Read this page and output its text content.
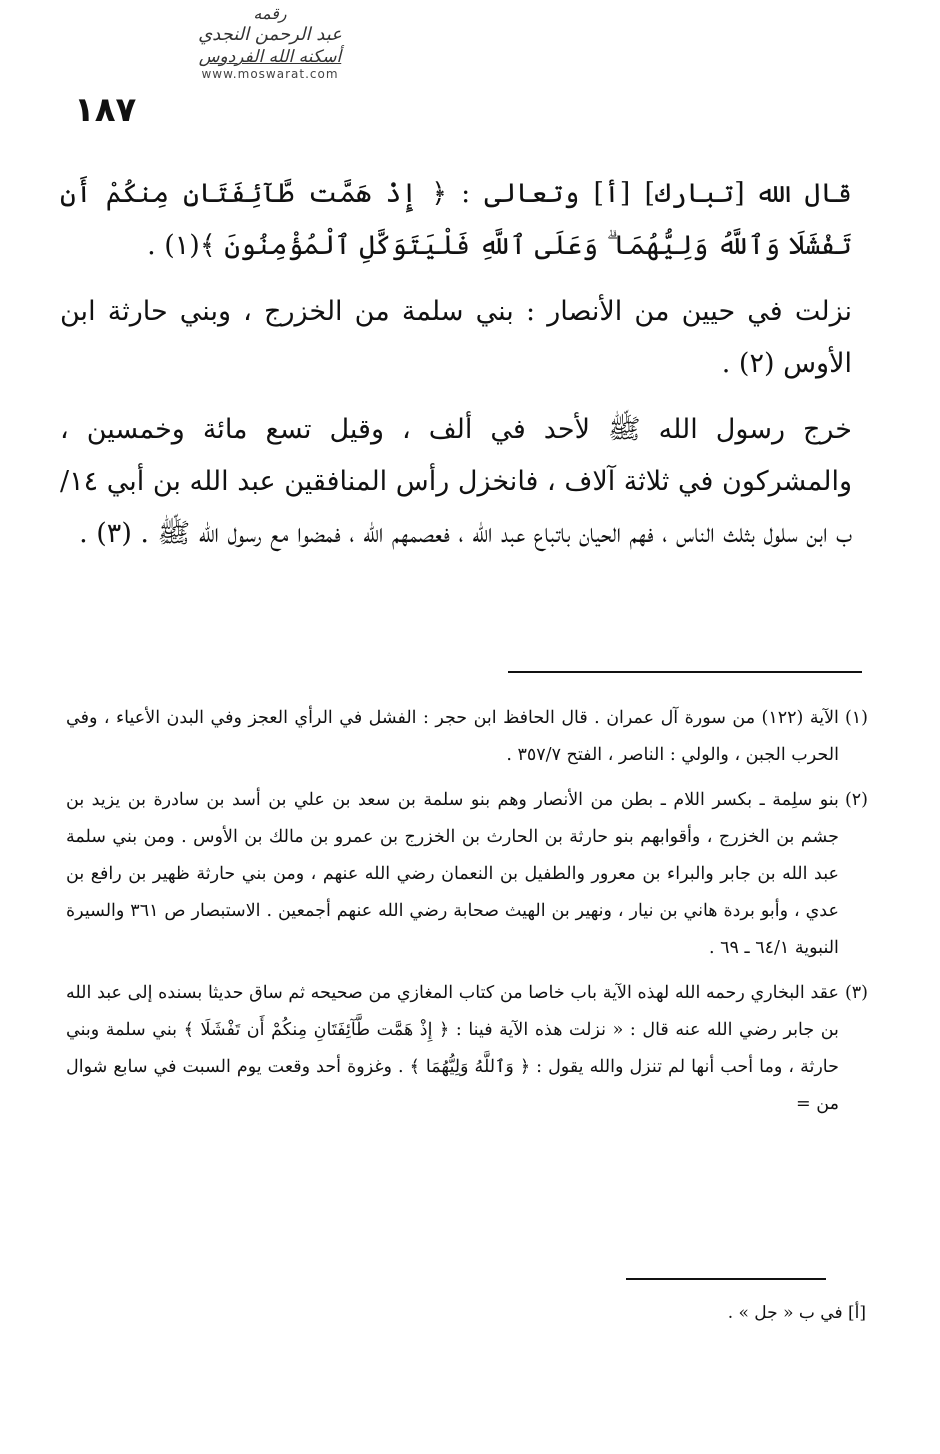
رقمه
عبد الرحمن النجدي
أسكنه الله الفردوس
www.moswarat.com
١٨٧

قال الله [تبارك] [أ] وتعالى : ﴿ إِذْ هَمَّت طَّآئِفَتَانِ مِنكُمْ أَن تَفْشَلَا وَٱللَّهُ وَلِيُّهُمَا ۗ وَعَلَى ٱللَّهِ فَلْيَتَوَكَّلِ ٱلْمُؤْمِنُونَ ﴾(١) .

نزلت في حيين من الأنصار : بني سلمة من الخزرج ، وبني حارثة ابن الأوس (٢) .

خرج رسول الله ﷺ لأحد في ألف ، وقيل تسع مائة وخمسين ، والمشركون في ثلاثة آلاف ، فانخزل رأس المنافقين عبد الله بن أبي ١٤/ب ابن سلول بثلث الناس ، فهم الحيان باتباع عبد الله ، فعصمهم الله ، فمضوا مع رسول الله ﷺ . (٣) .

(١)
الآية (١٢٢) من سورة آل عمران . قال الحافظ ابن حجر : الفشل في الرأي العجز وفي البدن الأعياء ، وفي الحرب الجبن ، والولي : الناصر ، الفتح ٣٥٧/٧ .
(٢)
بنو سلِمة ـ بكسر اللام ـ بطن من الأنصار وهم بنو سلمة بن سعد بن علي بن أسد بن سادرة بن يزيد بن جشم بن الخزرج ، وأقوابهم بنو حارثة بن الحارث بن الخزرج بن عمرو بن مالك بن الأوس . ومن بني سلمة عبد الله بن جابر والبراء بن معرور والطفيل بن النعمان رضي الله عنهم ، ومن بني حارثة ظهير بن رافع بن عدي ، وأبو بردة هاني بن نيار ، ونهير بن الهيث صحابة رضي الله عنهم أجمعين . الاستبصار ص ٣٦١ والسيرة النبوية ٦٤/١ ـ ٦٩ .
(٣)
عقد البخاري رحمه الله لهذه الآية باب خاصا من كتاب المغازي من صحيحه ثم ساق حديثا بسنده إلى عبد الله بن جابر رضي الله عنه قال : « نزلت هذه الآية فينا : ﴿ إِذْ هَمَّت طَّآئِفَتَانِ مِنكُمْ أَن تَفْشَلَا ﴾ بني سلمة وبني حارثة ، وما أحب أنها لم تنزل والله يقول : ﴿ وَٱللَّهُ وَلِيُّهُمَا ﴾ . وغزوة أحد وقعت يوم السبت في سابع شوال من =
[أ] في ب « جل » .
